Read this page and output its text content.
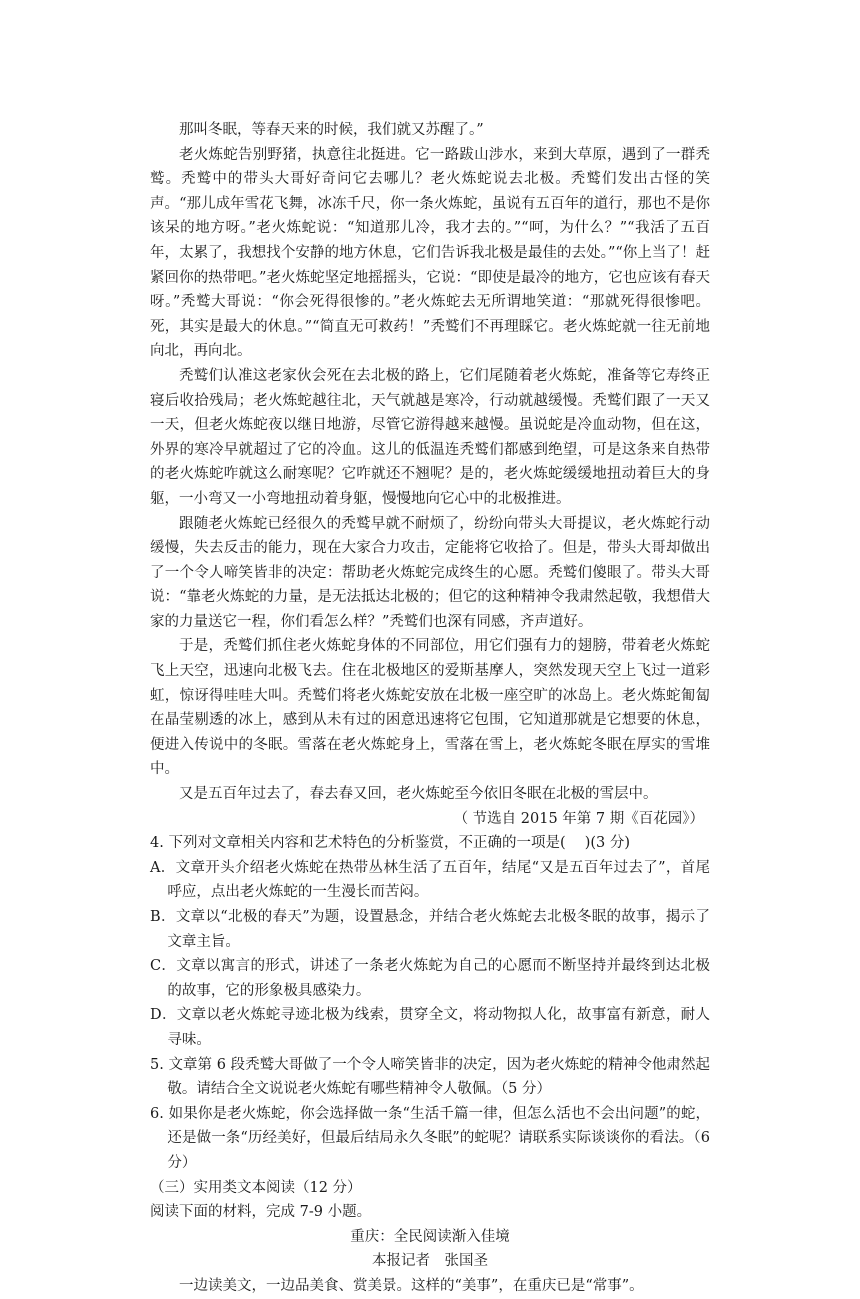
那叫冬眠，等春天来的时候，我们就又苏醒了。”

老火炼蛇告别野猪，执意往北挺进。它一路跋山涉水，来到大草原，遇到了一群秃鹫。秃鹫中的带头大哥好奇问它去哪儿？老火炼蛇说去北极。秃鹫们发出古怪的笑声。“那儿成年雪花飞舞，冰冻千尺，你一条火炼蛇，虽说有五百年的道行，那也不是你该呆的地方呀。”老火炼蛇说：“知道那儿冷，我才去的。”“呵，为什么？”“我活了五百年，太累了，我想找个安静的地方休息，它们告诉我北极是最佳的去处。”“你上当了！赶紧回你的热带吧。”老火炼蛇坚定地摇摇头，它说：“即使是最冷的地方，它也应该有春天呀。”秃鹫大哥说：“你会死得很惨的。”老火炼蛇去无所谓地笑道：“那就死得很惨吧。死，其实是最大的休息。”“简直无可救药！”秃鹫们不再理睬它。老火炼蛇就一往无前地向北，再向北。

秃鹫们认准这老家伙会死在去北极的路上，它们尾随着老火炼蛇，准备等它寿终正寝后收拾残局；老火炼蛇越往北，天气就越是寒冷，行动就越缓慢。秃鹫们跟了一天又一天，但老火炼蛇夜以继日地游，尽管它游得越来越慢。虽说蛇是冷血动物，但在这，外界的寒冷早就超过了它的冷血。这儿的低温连秃鹫们都感到绝望，可是这条来自热带的老火炼蛇咋就这么耐寒呢？它咋就还不翘呢？是的，老火炼蛇缓缓地扭动着巨大的身躯，一小弯又一小弯地扭动着身躯，慢慢地向它心中的北极推进。

跟随老火炼蛇已经很久的秃鹫早就不耐烦了，纷纷向带头大哥提议，老火炼蛇行动缓慢，失去反击的能力，现在大家合力攻击，定能将它收拾了。但是，带头大哥却做出了一个令人啼笑皆非的决定：帮助老火炼蛇完成终生的心愿。秃鹫们傻眼了。带头大哥说：“靠老火炼蛇的力量，是无法抵达北极的；但它的这种精神令我肃然起敬，我想借大家的力量送它一程，你们看怎么样？”秃鹫们也深有同感，齐声道好。

于是，秃鹫们抓住老火炼蛇身体的不同部位，用它们强有力的翅膀，带着老火炼蛇飞上天空，迅速向北极飞去。住在北极地区的爱斯基摩人，突然发现天空上飞过一道彩虹，惊讶得哇哇大叫。秃鹫们将老火炼蛇安放在北极一座空旷的冰岛上。老火炼蛇匍匐在晶莹剔透的冰上，感到从未有过的困意迅速将它包围，它知道那就是它想要的休息，便进入传说中的冬眠。雪落在老火炼蛇身上，雪落在雪上，老火炼蛇冬眠在厚实的雪堆中。

又是五百年过去了，春去春又回，老火炼蛇至今依旧冬眠在北极的雪层中。

（ 节选自 2015 年第 7 期《百花园》）

4. 下列对文章相关内容和艺术特色的分析鉴赏，不正确的一项是(　 )(3 分)

A．文章开头介绍老火炼蛇在热带丛林生活了五百年，结尾“又是五百年过去了”，首尾呼应，点出老火炼蛇的一生漫长而苦闷。

B．文章以“北极的春天”为题，设置悬念，并结合老火炼蛇去北极冬眠的故事，揭示了文章主旨。

C．文章以寓言的形式，讲述了一条老火炼蛇为自己的心愿而不断坚持并最终到达北极的故事，它的形象极具感染力。

D．文章以老火炼蛇寻迹北极为线索，贯穿全文，将动物拟人化，故事富有新意，耐人寻味。

5. 文章第 6 段秃鹫大哥做了一个令人啼笑皆非的决定，因为老火炼蛇的精神令他肃然起敬。请结合全文说说老火炼蛇有哪些精神令人敬佩。（5 分）

6. 如果你是老火炼蛇，你会选择做一条“生活千篇一律，但怎么活也不会出问题”的蛇，还是做一条“历经美好，但最后结局永久冬眠”的蛇呢？请联系实际谈谈你的看法。（6 分）

（三）实用类文本阅读（12 分）

阅读下面的材料，完成 7-9 小题。

重庆：全民阅读渐入佳境

本报记者　张国圣

一边读美文，一边品美食、赏美景。这样的“美事”，在重庆已是“常事”。
